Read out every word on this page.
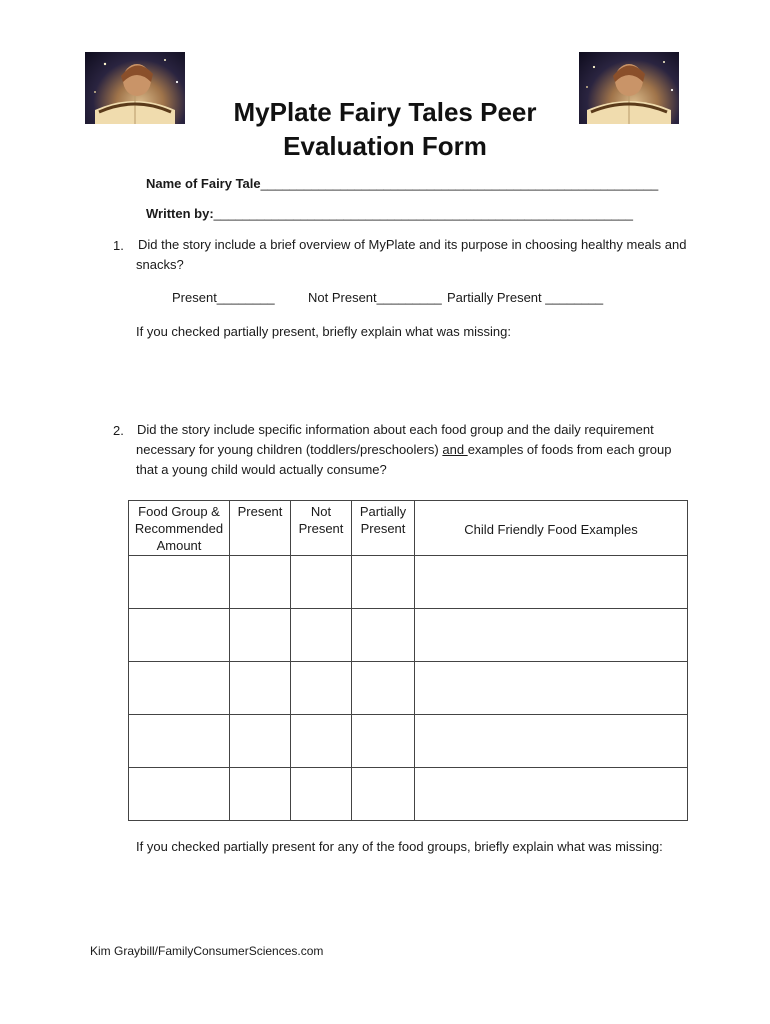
MyPlate Fairy Tales Peer
Evaluation Form
Name of Fairy Tale_______________________________________________________
Written by:__________________________________________________________
1. Did the story include a brief overview of MyPlate and its purpose in choosing healthy meals and
snacks?
Present________	Not Present_________ Partially Present ________
If you checked partially present, briefly explain what was missing:
2. Did the story include specific information about each food group and the daily requirement
necessary for young children (toddlers/preschoolers) and examples of foods from each group
that a young child would actually consume?
Food Group & Recommended Amount	Present	Not Present	Partially Present	Child Friendly Food Examples

If you checked partially present for any of the food groups, briefly explain what was missing:
Kim Graybill/FamilyConsumerSciences.com
